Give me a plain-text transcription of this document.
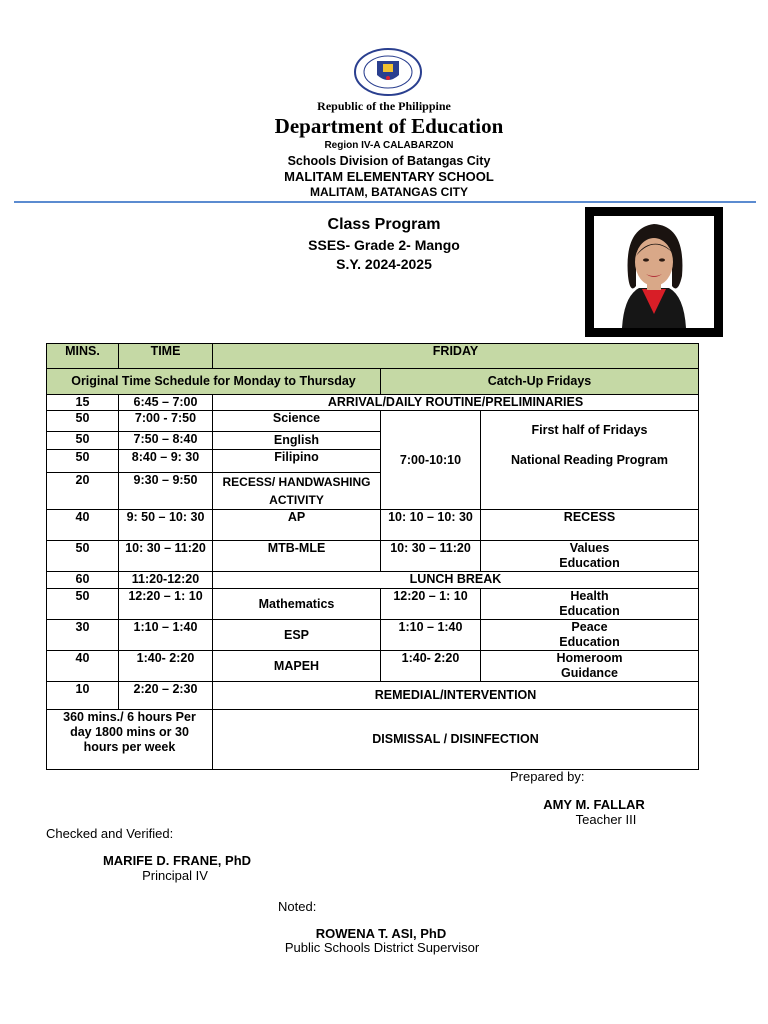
Republic of the Philippine
Department of Education
Region IV-A CALABARZON
Schools Division of Batangas City
MALITAM ELEMENTARY SCHOOL
MALITAM, BATANGAS CITY
Class Program
SSES- Grade 2- Mango
S.Y. 2024-2025
MINS.	TIME	FRIDAY		
Original Time Schedule for Monday to Thursday			Catch-Up Fridays	
15	6:45 – 7:00	ARRIVAL/DAILY ROUTINE/PRELIMINARIES		
50	7:00 - 7:50	Science	7:00-10:10	First half of Fridays
National Reading Program

50	7:50 – 8:40	English		
50	8:40 – 9: 30	Filipino		
20	9:30 – 9:50	RECESS/ HANDWASHING ACTIVITY		
40	9: 50 – 10: 30	AP	10: 10 – 10: 30	RECESS
50	10: 30 – 11:20	MTB-MLE	10: 30 – 11:20	Values Education
60	11:20-12:20	LUNCH BREAK		
50	12:20 – 1: 10	Mathematics	12:20 – 1: 10	Health Education
30	1:10 – 1:40	ESP	1:10 – 1:40	Peace Education
40	1:40- 2:20	MAPEH	1:40- 2:20	Homeroom Guidance
10	2:20 – 2:30	REMEDIAL/INTERVENTION		
360 mins./ 6 hours Per day 1800 mins or 30 hours per week		DISMISSAL / DISINFECTION		
Prepared by:
AMY M. FALLAR
Teacher III
Checked and Verified:
MARIFE D. FRANE, PhD
Principal IV
Noted:
ROWENA T. ASI, PhD
Public Schools District Supervisor
